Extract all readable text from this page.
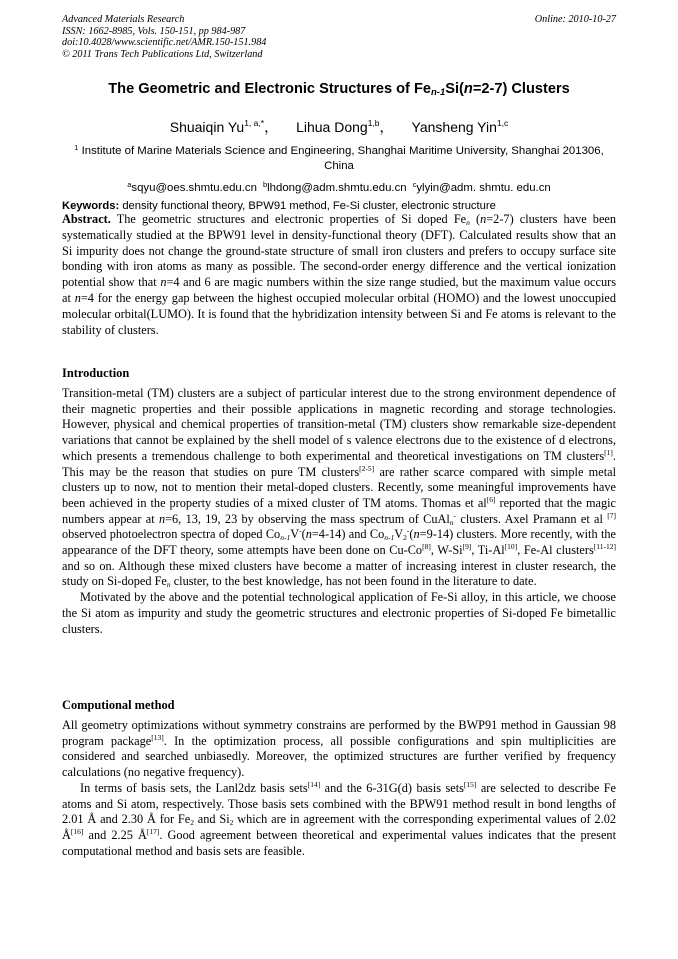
Advanced Materials Research
ISSN: 1662-8985, Vols. 150-151, pp 984-987
doi:10.4028/www.scientific.net/AMR.150-151.984
© 2011 Trans Tech Publications Ltd, Switzerland
Online: 2010-10-27
The Geometric and Electronic Structures of $Fe_{n-1}Si(n=2-7)$ Clusters
Shuaiqin $Yu^{1, a,*}$， Lihua Dong$^{1,b}$， Yansheng Yin$^{1,c}$
$^1$ Institute of Marine Materials Science and Engineering, Shanghai Maritime University, Shanghai 201306, China
$^a$sqyu@oes.shmtu.edu.cn $^b$lhdong@adm.shmtu.edu.cn $^c$ylyin@adm. shmtu. edu.cn
Keywords: density functional theory, BPW91 method, Fe-Si cluster, electronic structure
Abstract. The geometric structures and electronic properties of Si doped $Fe_n$ (n=2-7) clusters have been systematically studied at the BPW91 level in density-functional theory (DFT). Calculated results show that an Si impurity does not change the ground-state structure of small iron clusters and prefers to occupy surface site bonding with iron atoms as many as possible. The second-order energy difference and the vertical ionization potential show that n=4 and 6 are magic numbers within the size range studied, but the maximum value occurs at n=4 for the energy gap between the highest occupied molecular orbital (HOMO) and the lowest unoccupied molecular orbital(LUMO). It is found that the hybridization intensity between Si and Fe atoms is relevant to the stability of clusters.
Introduction

Transition-metal (TM) clusters are a subject of particular interest due to the strong environment dependence of their magnetic properties and their possible applications in magnetic recording and storage technologies. However, physical and chemical properties of transition-metal (TM) clusters show remarkable size-dependent variations that cannot be explained by the shell model of s valence electrons due to the existence of d electrons, which presents a tremendous challenge to both experimental and theoretical investigations on TM clusters[1]. This may be the reason that studies on pure TM clusters[2-5] are rather scarce compared with simple metal clusters up to now, not to mention their metal-doped clusters. Recently, some meaningful improvements have been achieved in the property studies of a mixed cluster of TM atoms. Thomas et al[6] reported that the magic numbers appear at n=6, 13, 19, 23 by observing the mass spectrum of CuAl$_n$- clusters. Axel Pramann et al [7] observed photoelectron spectra of doped $Co_{n-1}V^-(n=4-14)$ and $Co_{n-1}V_2^-(n=9-14)$ clusters. More recently, with the appearance of the DFT theory, some attempts have been done on Cu-Co[8], W-Si[9], Ti-Al[10], Fe-Al clusters[11-12] and so on. Although these mixed clusters have become a matter of increasing interest in cluster research, the study on Si-doped $Fe_n$ cluster, to the best knowledge, has not been found in the literature to date.

Motivated by the above and the potential technological application of Fe-Si alloy, in this article, we choose the Si atom as impurity and study the geometric structures and electronic properties of Si-doped Fe bimetallic clusters.

Computional method

All geometry optimizations without symmetry constrains are performed by the BWP91 method in Gaussian 98 program package[13]. In the optimization process, all possible configurations and spin multiplicities are considered and searched unbiasedly. Moreover, the optimized structures are further verified by frequency calculations (no negative frequency).

In terms of basis sets, the Lanl2dz basis sets[14] and the 6-31G(d) basis sets[15] are selected to describe Fe atoms and Si atom, respectively. Those basis sets combined with the BPW91 method result in bond lengths of 2.01 Å and 2.30 Å for $Fe_2$ and $Si_2$ which are in agreement with the corresponding experimental values of 2.02 Å[16] and 2.25 Å[17]. Good agreement between theoretical and experimental values indicates that the present computational method and basis sets are feasible.
